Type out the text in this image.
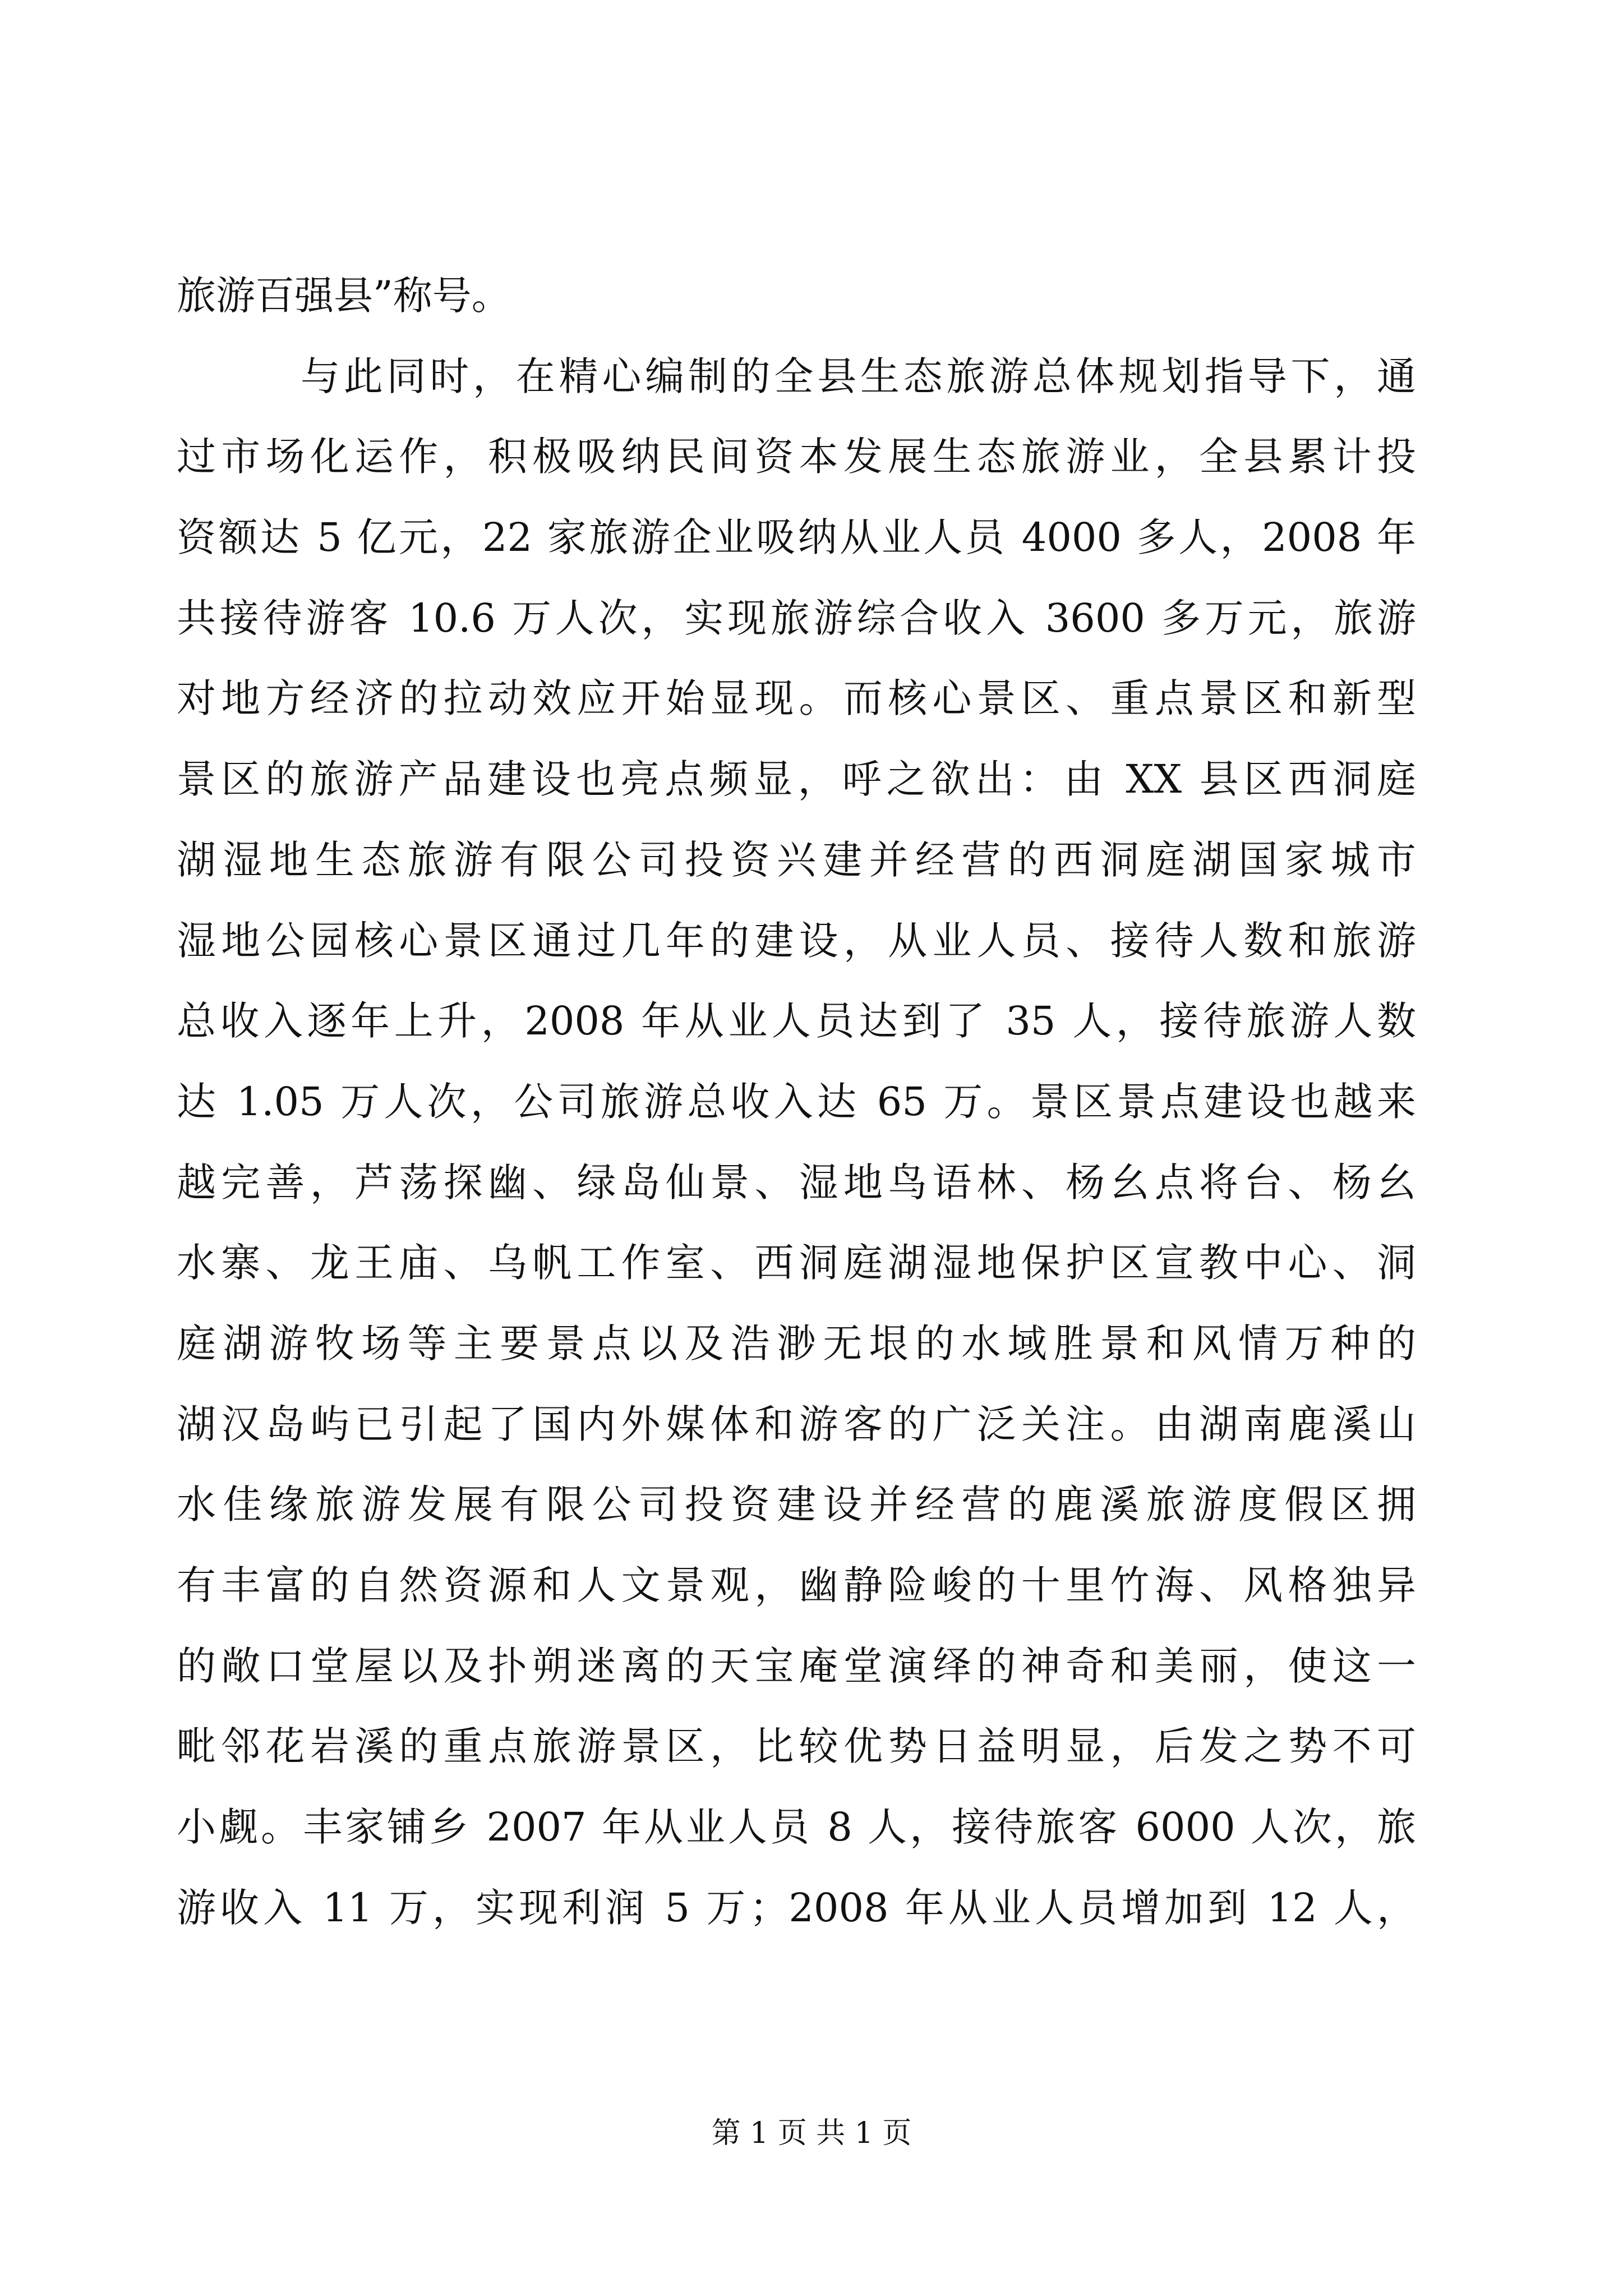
旅游百强县”称号。
与此同时，在精心编制的全县生态旅游总体规划指导下，通
过市场化运作，积极吸纳民间资本发展生态旅游业，全县累计投
资额达 5 亿元，22 家旅游企业吸纳从业人员 4000 多人，2008 年
共接待游客 10.6 万人次，实现旅游综合收入 3600 多万元，旅游
对地方经济的拉动效应开始显现。而核心景区、重点景区和新型
景区的旅游产品建设也亮点频显，呼之欲出：由 XX 县区西洞庭
湖湿地生态旅游有限公司投资兴建并经营的西洞庭湖国家城市
湿地公园核心景区通过几年的建设，从业人员、接待人数和旅游
总收入逐年上升，2008 年从业人员达到了 35 人，接待旅游人数
达 1.05 万人次，公司旅游总收入达 65 万。景区景点建设也越来
越完善，芦荡探幽、绿岛仙景、湿地鸟语林、杨幺点将台、杨幺
水寨、龙王庙、乌帆工作室、西洞庭湖湿地保护区宣教中心、洞
庭湖游牧场等主要景点以及浩渺无垠的水域胜景和风情万种的
湖汉岛屿已引起了国内外媒体和游客的广泛关注。由湖南鹿溪山
水佳缘旅游发展有限公司投资建设并经营的鹿溪旅游度假区拥
有丰富的自然资源和人文景观，幽静险峻的十里竹海、风格独异
的敞口堂屋以及扑朔迷离的天宝庵堂演绎的神奇和美丽，使这一
毗邻花岩溪的重点旅游景区，比较优势日益明显，后发之势不可
小觑。丰家铺乡 2007 年从业人员 8 人，接待旅客 6000 人次，旅
游收入 11 万，实现利润 5 万；2008 年从业人员增加到 12 人，
第 1 页 共 1 页
